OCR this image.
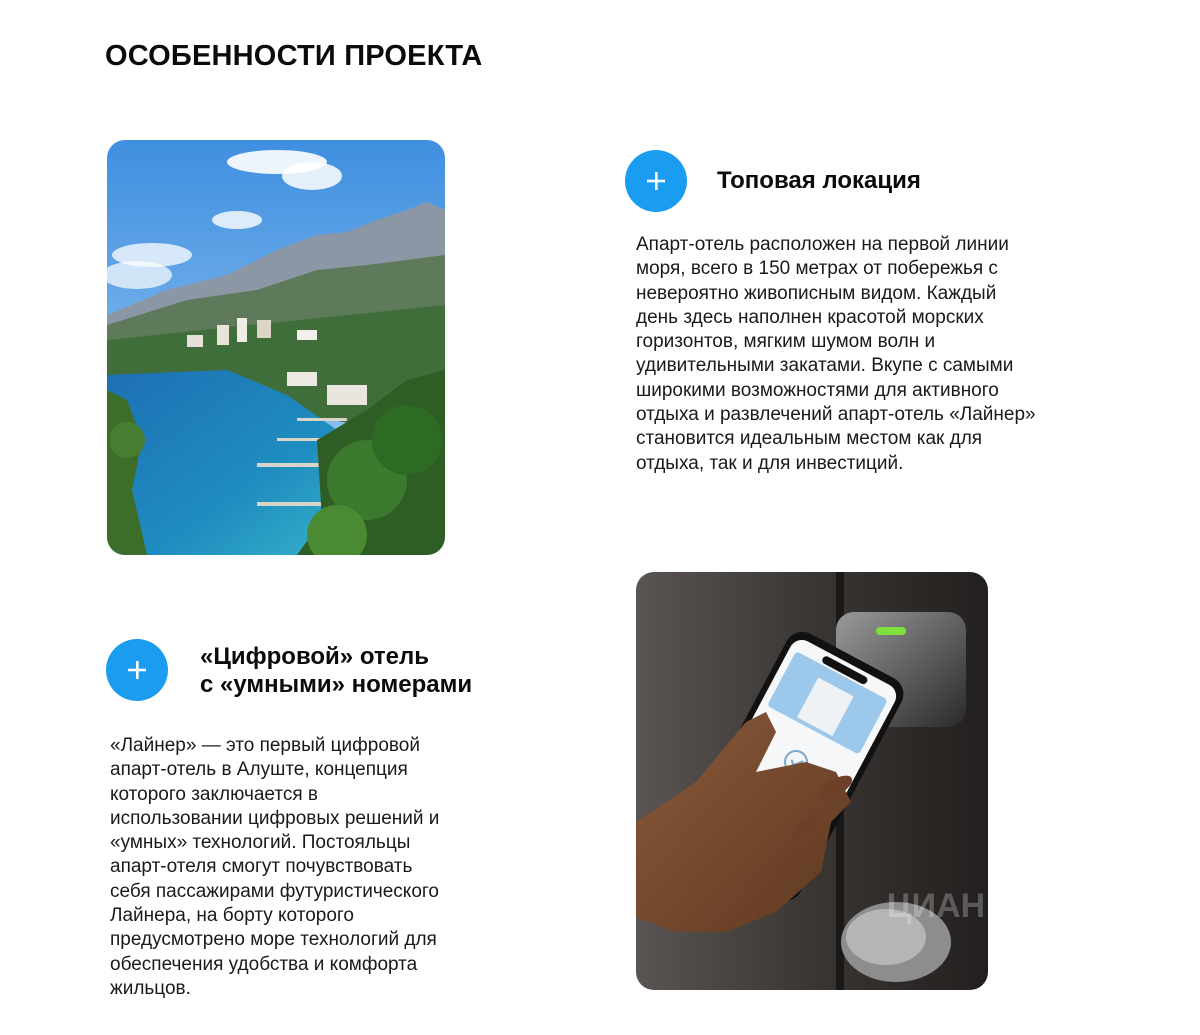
ОСОБЕННОСТИ ПРОЕКТА
Топовая локация

Апарт-отель расположен на первой линии
моря, всего в 150 метрах от побережья с
невероятно живописным видом. Каждый
день здесь наполнен красотой морских
горизонтов, мягким шумом волн и
удивительными закатами. Вкупе с самыми
широкими возможностями для активного
отдыха и развлечений апарт-отель «Лайнер»
становится идеальным местом как для
отдыха, так и для инвестиций.

«Цифровой» отель
с «умными» номерами

«Лайнер» — это первый цифровой
апарт-отель в Алуште, концепция
которого заключается в
использовании цифровых решений и
«умных» технологий. Постояльцы
апарт-отеля смогут почувствовать
себя пассажирами футуристического
Лайнера, на борту которого
предусмотрено море технологий для
обеспечения удобства и комфорта
жильцов.

ЦИАН
